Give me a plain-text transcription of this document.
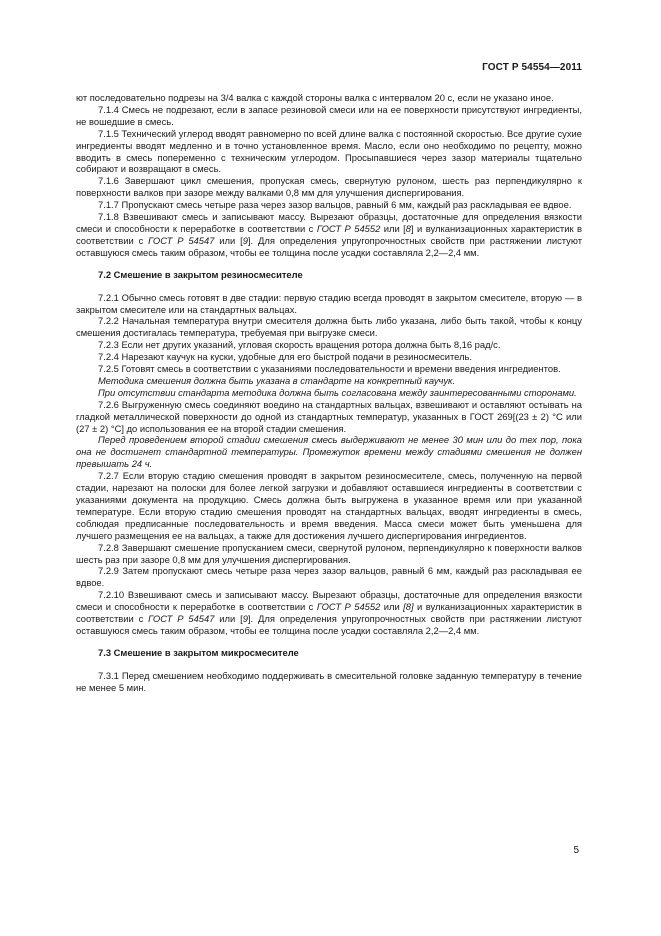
ГОСТ Р 54554—2011

ют последовательно подрезы на 3/4 валка с каждой стороны валка с интервалом 20 с, если не указано иное.

7.1.4 Смесь не подрезают, если в запасе резиновой смеси или на ее поверхности присутствуют ингредиенты, не вошедшие в смесь.

7.1.5 Технический углерод вводят равномерно по всей длине валка с постоянной скоростью. Все другие сухие ингредиенты вводят медленно и в точно установленное время. Масло, если оно необходимо по рецепту, можно вводить в смесь попеременно с техническим углеродом. Просыпавшиеся через зазор материалы тщательно собирают и возвращают в смесь.

7.1.6 Завершают цикл смешения, пропуская смесь, свернутую рулоном, шесть раз перпендикулярно к поверхности валков при зазоре между валками 0,8 мм для улучшения диспергирования.

7.1.7 Пропускают смесь четыре раза через зазор вальцов, равный 6 мм, каждый раз раскладывая ее вдвое.

7.1.8 Взвешивают смесь и записывают массу. Вырезают образцы, достаточные для определения вязкости смеси и способности к переработке в соответствии с ГОСТ Р 54552 или [8] и вулканизационных характеристик в соответствии с ГОСТ Р 54547 или [9]. Для определения упругопрочностных свойств при растяжении листуют оставшуюся смесь таким образом, чтобы ее толщина после усадки составляла 2,2—2,4 мм.

7.2 Смешение в закрытом резиносмесителе

7.2.1 Обычно смесь готовят в две стадии: первую стадию всегда проводят в закрытом смесителе, вторую — в закрытом смесителе или на стандартных вальцах.

7.2.2 Начальная температура внутри смесителя должна быть либо указана, либо быть такой, чтобы к концу смешения достигалась температура, требуемая при выгрузке смеси.

7.2.3 Если нет других указаний, угловая скорость вращения ротора должна быть 8,16 рад/с.

7.2.4 Нарезают каучук на куски, удобные для его быстрой подачи в резиносмеситель.

7.2.5 Готовят смесь в соответствии с указаниями последовательности и времени введения ингредиентов.

Методика смешения должна быть указана в стандарте на конкретный каучук.

При отсутствии стандарта методика должна быть согласована между заинтересованными сторонами.

7.2.6 Выгруженную смесь соединяют воедино на стандартных вальцах, взвешивают и оставляют остывать на гладкой металлической поверхности до одной из стандартных температур, указанных в ГОСТ 269[(23 ± 2) °С или (27 ± 2) °С] до использования ее на второй стадии смешения.

Перед проведением второй стадии смешения смесь выдерживают не менее 30 мин или до тех пор, пока она не достигнет стандартной температуры. Промежуток времени между стадиями смешения не должен превышать 24 ч.

7.2.7 Если вторую стадию смешения проводят в закрытом резиносмесителе, смесь, полученную на первой стадии, нарезают на полоски для более легкой загрузки и добавляют оставшиеся ингредиенты в соответствии с указаниями документа на продукцию. Смесь должна быть выгружена в указанное время или при указанной температуре. Если вторую стадию смешения проводят на стандартных вальцах, вводят ингредиенты в смесь, соблюдая предписанные последовательность и время введения. Масса смеси может быть уменьшена для лучшего размещения ее на вальцах, а также для достижения лучшего диспергирования ингредиентов.

7.2.8 Завершают смешение пропусканием смеси, свернутой рулоном, перпендикулярно к поверхности валков шесть раз при зазоре 0,8 мм для улучшения диспергирования.

7.2.9 Затем пропускают смесь четыре раза через зазор вальцов, равный 6 мм, каждый раз раскладывая ее вдвое.

7.2.10 Взвешивают смесь и записывают массу. Вырезают образцы, достаточные для определения вязкости смеси и способности к переработке в соответствии с ГОСТ Р 54552 или [8] и вулканизационных характеристик в соответствии с ГОСТ Р 54547 или [9]. Для определения упругопрочностных свойств при растяжении листуют оставшуюся смесь таким образом, чтобы ее толщина после усадки составляла 2,2—2,4 мм.

7.3 Смешение в закрытом микросмесителе

7.3.1 Перед смешением необходимо поддерживать в смесительной головке заданную температуру в течение не менее 5 мин.

5
